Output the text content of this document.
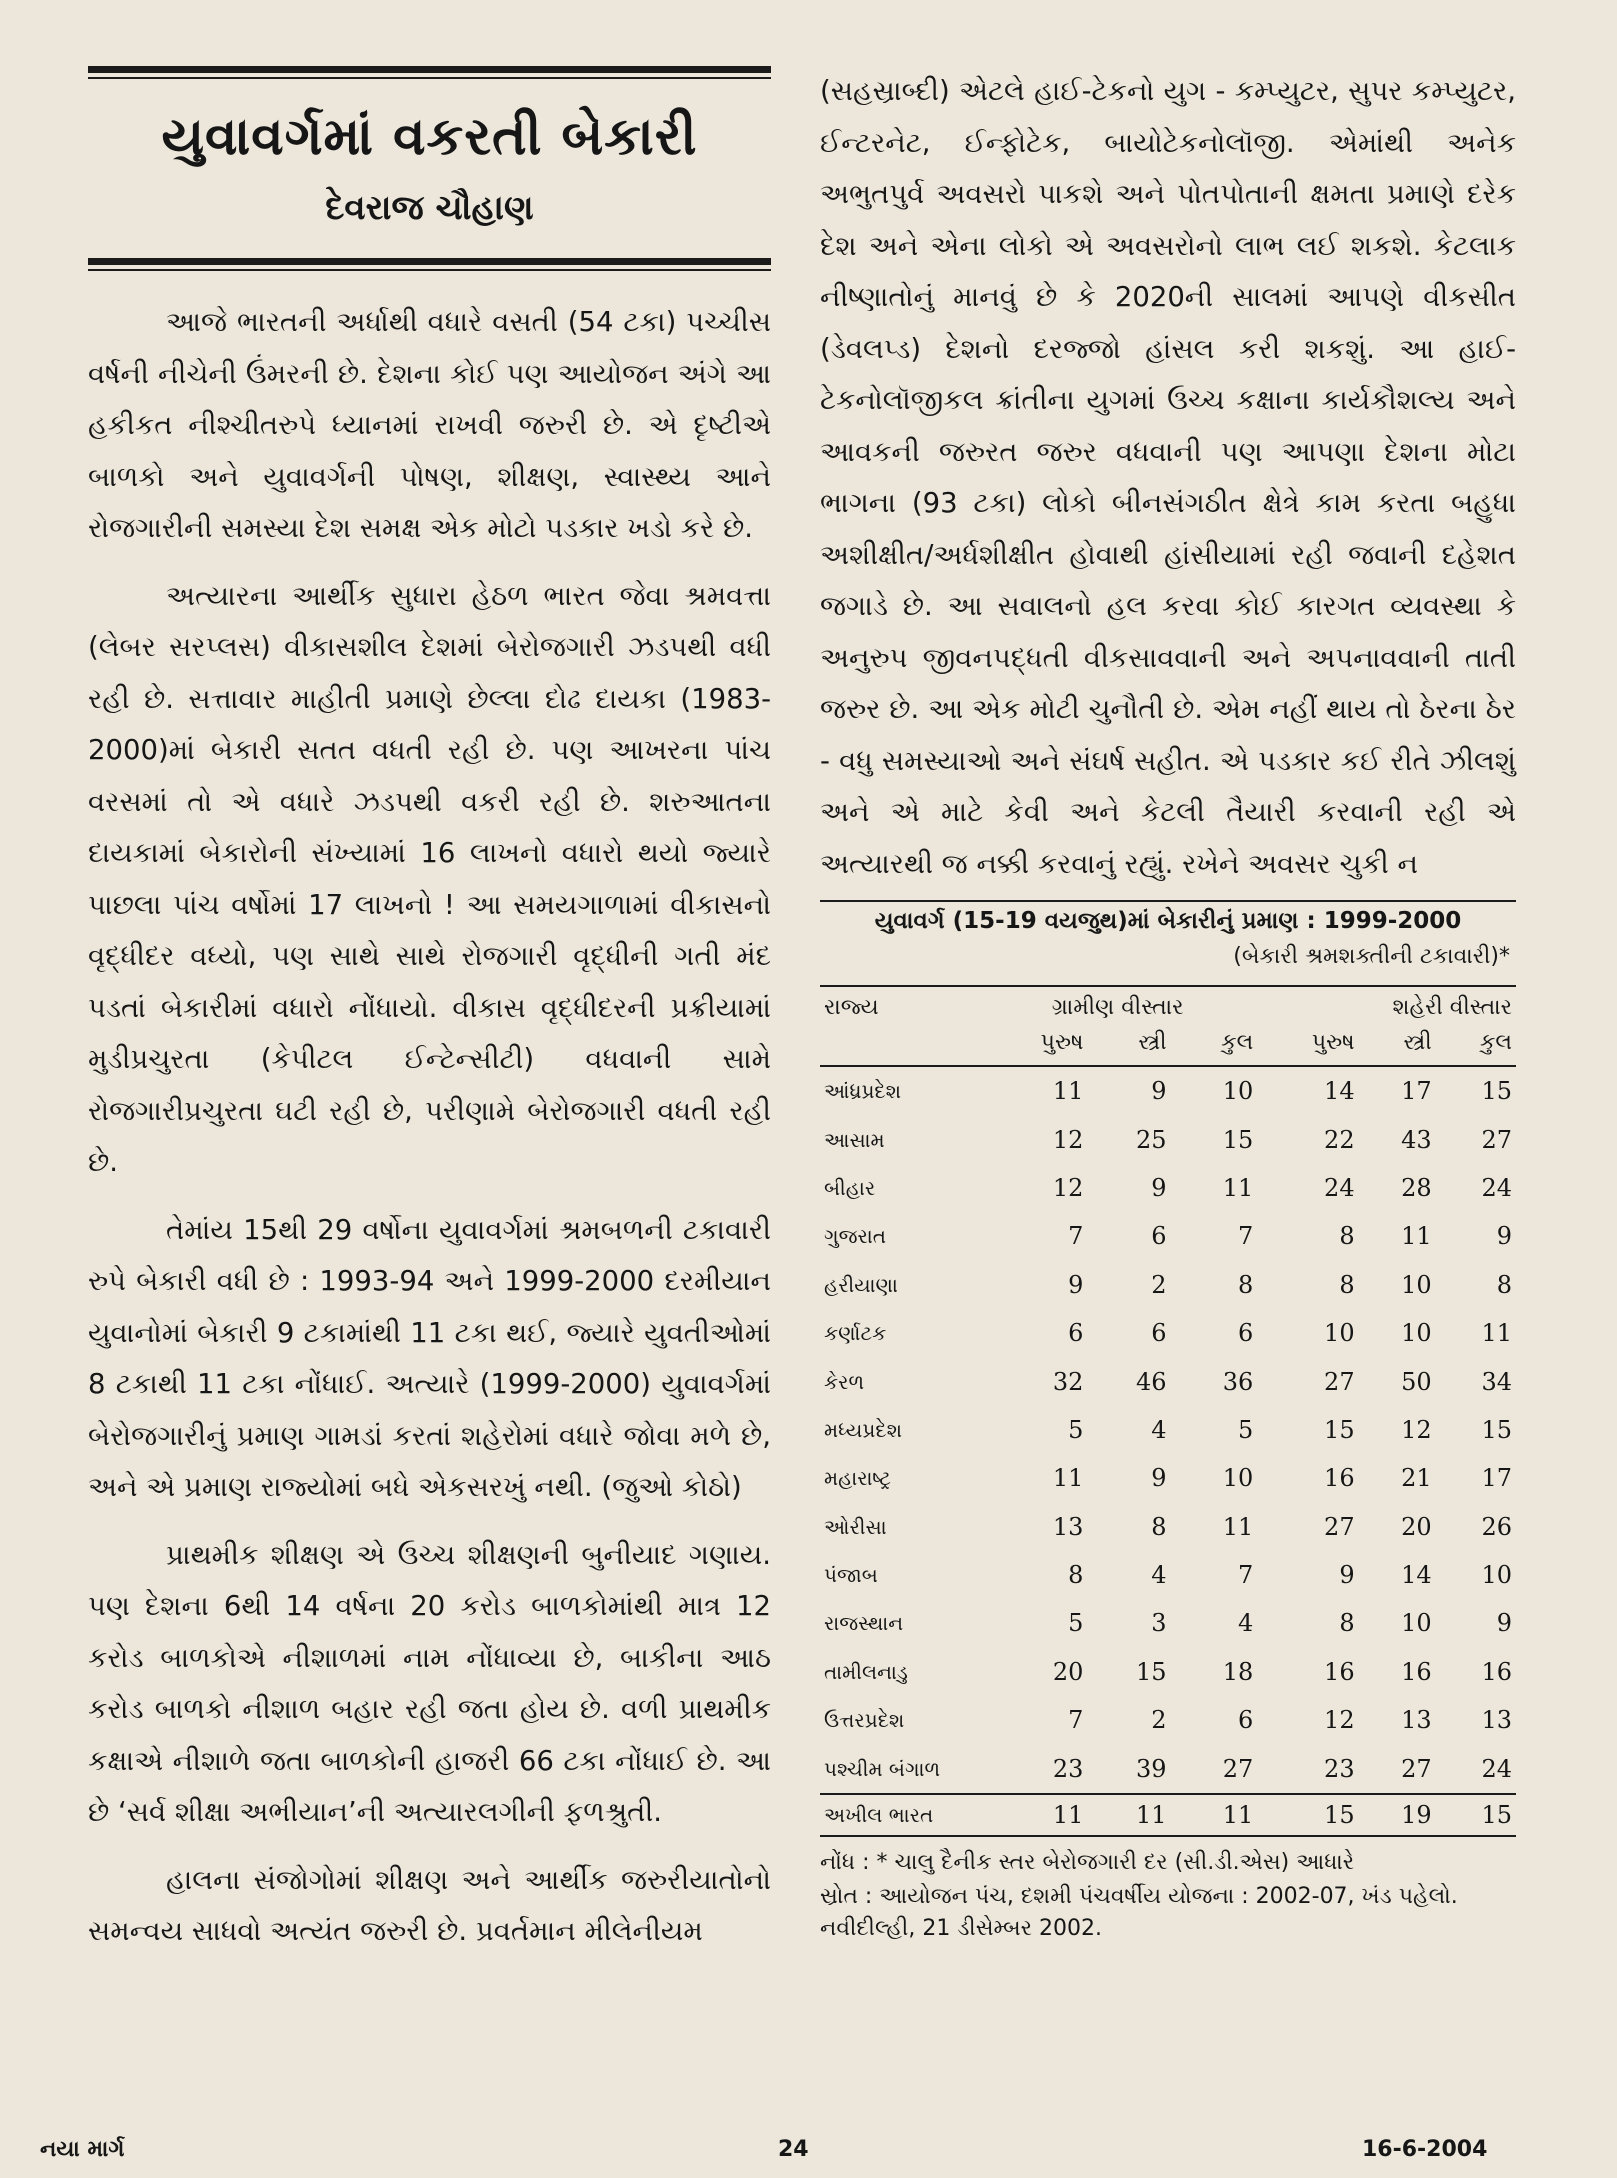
યુવાવર્ગમાં વકરતી બેકારી
દેવરાજ ચૌહાણ

આજે ભારતની અર્ધાથી વધારે વસતી (54 ટકા) પચ્ચીસ વર્ષની નીચેની ઉંમરની છે. દેશના કોઈ પણ આયોજન અંગે આ હકીકત નીશ્ચીતરુપે ધ્યાનમાં રાખવી જરુરી છે. એ દૃષ્ટીએ બાળકો અને યુવાવર્ગની પોષણ, શીક્ષણ, સ્વાસ્થ્ય આને રોજગારીની સમસ્યા દેશ સમક્ષ એક મોટો પડકાર ખડો કરે છે.

અત્યારના આર્થીક સુધારા હેઠળ ભારત જેવા શ્રમવત્તા (લેબર સરપ્લસ) વીકાસશીલ દેશમાં બેરોજગારી ઝડપથી વધી રહી છે. સત્તાવાર માહીતી પ્રમાણે છેલ્લા દોઢ દાયકા (1983- 2000)માં બેકારી સતત વધતી રહી છે. પણ આખરના પાંચ વરસમાં તો એ વધારે ઝડપથી વકરી રહી છે. શરુઆતના દાયકામાં બેકારોની સંખ્યામાં 16 લાખનો વધારો થયો જ્યારે પાછલા પાંચ વર્ષોમાં 17 લાખનો ! આ સમયગાળામાં વીકાસનો વૃદ્ધીદર વધ્યો, પણ સાથે સાથે રોજગારી વૃદ્ધીની ગતી મંદ પડતાં બેકારીમાં વધારો નોંધાયો. વીકાસ વૃદ્ધીદરની પ્રક્રીયામાં મુડીપ્રચુરતા (કેપીટલ ઈન્ટેન્સીટી) વધવાની સામે રોજગારીપ્રચુરતા ઘટી રહી છે, પરીણામે બેરોજગારી વધતી રહી છે.

તેમાંય 15થી 29 વર્ષોના યુવાવર્ગમાં શ્રમબળની ટકાવારી રુપે બેકારી વધી છે : 1993-94 અને 1999-2000 દરમીયાન યુવાનોમાં બેકારી 9 ટકામાંથી 11 ટકા થઈ, જ્યારે યુવતીઓમાં 8 ટકાથી 11 ટકા નોંધાઈ. અત્યારે (1999-2000) યુવાવર્ગમાં બેરોજગારીનું પ્રમાણ ગામડાં કરતાં શહેરોમાં વધારે જોવા મળે છે, અને એ પ્રમાણ રાજ્યોમાં બધે એકસરખું નથી. (જુઓ કોઠો)

પ્રાથમીક શીક્ષણ એ ઉચ્ચ શીક્ષણની બુનીયાદ ગણાય. પણ દેશના 6થી 14 વર્ષના 20 કરોડ બાળકોમાંથી માત્ર 12 કરોડ બાળકોએ નીશાળમાં નામ નોંધાવ્યા છે, બાકીના આઠ કરોડ બાળકો નીશાળ બહાર રહી જતા હોય છે. વળી પ્રાથમીક કક્ષાએ નીશાળે જતા બાળકોની હાજરી 66 ટકા નોંધાઈ છે. આ છે ‘સર્વ શીક્ષા અભીયાન’ની અત્યારલગીની ફળશ્રુતી.

હાલના સંજોગોમાં શીક્ષણ અને આર્થીક જરુરીયાતોનો સમન્વય સાધવો અત્યંત જરુરી છે. પ્રવર્તમાન મીલેનીયમ

(સહસ્રાબ્દી) એટલે હાઈ-ટેકનો યુગ - કમ્પ્યુટર, સુપર કમ્પ્યુટર, ઈન્ટરનેટ, ઈન્ફોટેક, બાયોટેકનોલૉજી. એમાંથી અનેક અભુતપુર્વ અવસરો પાકશે અને પોતપોતાની ક્ષમતા પ્રમાણે દરેક દેશ અને એના લોકો એ અવસરોનો લાભ લઈ શકશે. કેટલાક નીષ્ણાતોનું માનવું છે કે 2020ની સાલમાં આપણે વીકસીત (ડેવલપ્ડ) દેશનો દરજ્જો હાંસલ કરી શકશું. આ હાઈ-ટેકનોલૉજીકલ ક્રાંતીના યુગમાં ઉચ્ચ કક્ષાના કાર્યકૌશલ્ય અને આવકની જરુરત જરુર વધવાની પણ આપણા દેશના મોટા ભાગના (93 ટકા) લોકો બીનસંગઠીત ક્ષેત્રે કામ કરતા બહુધા અશીક્ષીત/અર્ધશીક્ષીત હોવાથી હાંસીયામાં રહી જવાની દહેશત જગાડે છે. આ સવાલનો હલ કરવા કોઈ કારગત વ્યવસ્થા કે અનુરુપ જીવનપદ્ધતી વીકસાવવાની અને અપનાવવાની તાતી જરુર છે. આ એક મોટી ચુનૌતી છે. એમ નહીં થાય તો ઠેરના ઠેર - વધુ સમસ્યાઓ અને સંઘર્ષ સહીત. એ પડકાર કઈ રીતે ઝીલશું અને એ માટે કેવી અને કેટલી તૈયારી કરવાની રહી એ અત્યારથી જ નક્કી કરવાનું રહ્યું. રખેને અવસર ચુકી ન

યુવાવર્ગ (15-19 વયજુથ)માં બેકારીનું પ્રમાણ : 1999-2000
(બેકારી શ્રમશક્તીની ટકાવારી)*
રાજ્ય	ગ્રામીણ વીસ્તાર			શહેરી વીસ્તાર		
	પુરુષ	સ્ત્રી	કુલ	પુરુષ	સ્ત્રી	કુલ
આંધ્રપ્રદેશ	11	9	10	14	17	15
આસામ	12	25	15	22	43	27
બીહાર	12	9	11	24	28	24
ગુજરાત	7	6	7	8	11	9
હરીયાણા	9	2	8	8	10	8
કર્ણાટક	6	6	6	10	10	11
કેરળ	32	46	36	27	50	34
મધ્યપ્રદેશ	5	4	5	15	12	15
મહારાષ્ટ્ર	11	9	10	16	21	17
ઓરીસા	13	8	11	27	20	26
પંજાબ	8	4	7	9	14	10
રાજસ્થાન	5	3	4	8	10	9
તામીલનાડુ	20	15	18	16	16	16
ઉત્તરપ્રદેશ	7	2	6	12	13	13
પશ્ચીમ બંગાળ	23	39	27	23	27	24
અખીલ ભારત	11	11	11	15	19	15
નોંધ : * ચાલુ દૈનીક સ્તર બેરોજગારી દર (સી.ડી.એસ) આધારે
સ્રોત : આયોજન પંચ, દશમી પંચવર્ષીય યોજના : 2002-07, ખંડ પહેલો. નવીદીલ્હી, 21 ડીસેમ્બર 2002.
નયા માર્ગ	24	16-6-2004
